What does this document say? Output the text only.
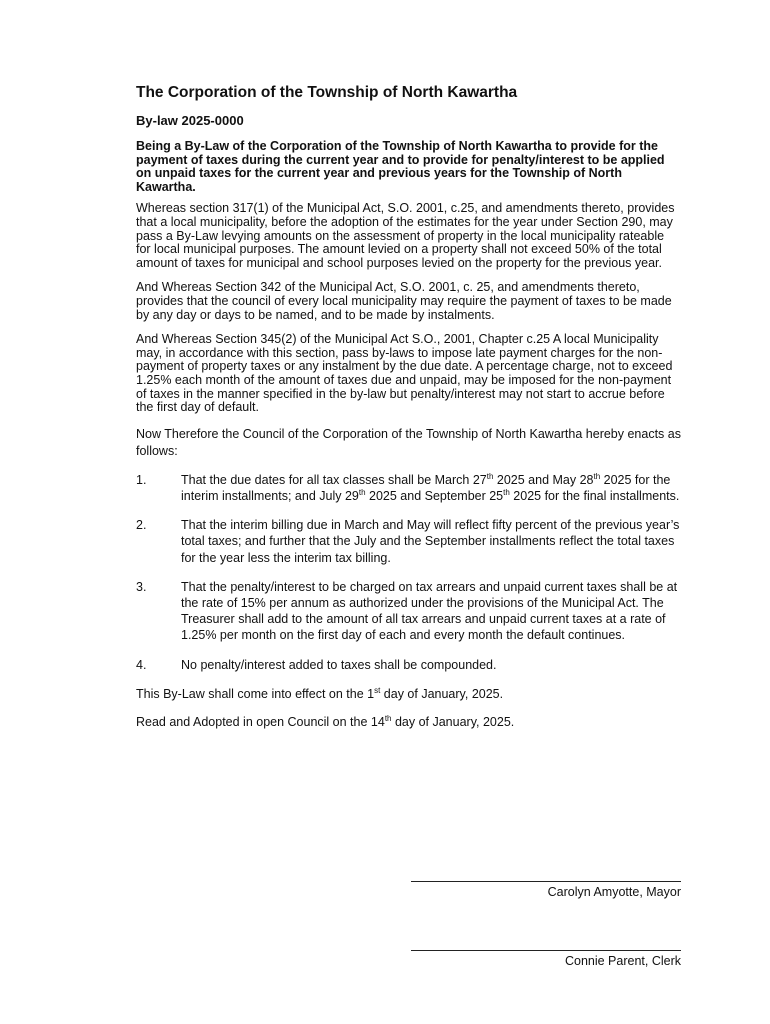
The Corporation of the Township of North Kawartha
By-law 2025-0000
Being a By-Law of the Corporation of the Township of North Kawartha to provide for the payment of taxes during the current year and to provide for penalty/interest to be applied on unpaid taxes for the current year and previous years for the Township of North Kawartha.
Whereas section 317(1) of the Municipal Act, S.O. 2001, c.25, and amendments thereto, provides that a local municipality, before the adoption of the estimates for the year under Section 290, may pass a By-Law levying amounts on the assessment of property in the local municipality rateable for local municipal purposes. The amount levied on a property shall not exceed 50% of the total amount of taxes for municipal and school purposes levied on the property for the previous year.
And Whereas Section 342 of the Municipal Act, S.O. 2001, c. 25, and amendments thereto, provides that the council of every local municipality may require the payment of taxes to be made by any day or days to be named, and to be made by instalments.
And Whereas Section 345(2) of the Municipal Act S.O., 2001, Chapter c.25 A local Municipality may, in accordance with this section, pass by-laws to impose late payment charges for the non-payment of property taxes or any instalment by the due date. A percentage charge, not to exceed 1.25% each month of the amount of taxes due and unpaid, may be imposed for the non-payment of taxes in the manner specified in the by-law but penalty/interest may not start to accrue before the first day of default.
Now Therefore the Council of the Corporation of the Township of North Kawartha hereby enacts as follows:
1.	That the due dates for all tax classes shall be March 27th 2025 and May 28th 2025 for the interim installments; and July 29th 2025 and September 25th 2025 for the final installments.
2.	That the interim billing due in March and May will reflect fifty percent of the previous year’s total taxes; and further that the July and the September installments reflect the total taxes for the year less the interim tax billing.
3.	That the penalty/interest to be charged on tax arrears and unpaid current taxes shall be at the rate of 15% per annum as authorized under the provisions of the Municipal Act. The Treasurer shall add to the amount of all tax arrears and unpaid current taxes at a rate of 1.25% per month on the first day of each and every month the default continues.
4.	No penalty/interest added to taxes shall be compounded.
This By-Law shall come into effect on the 1st day of January, 2025.
Read and Adopted in open Council on the 14th day of January, 2025.
Carolyn Amyotte, Mayor
Connie Parent, Clerk
